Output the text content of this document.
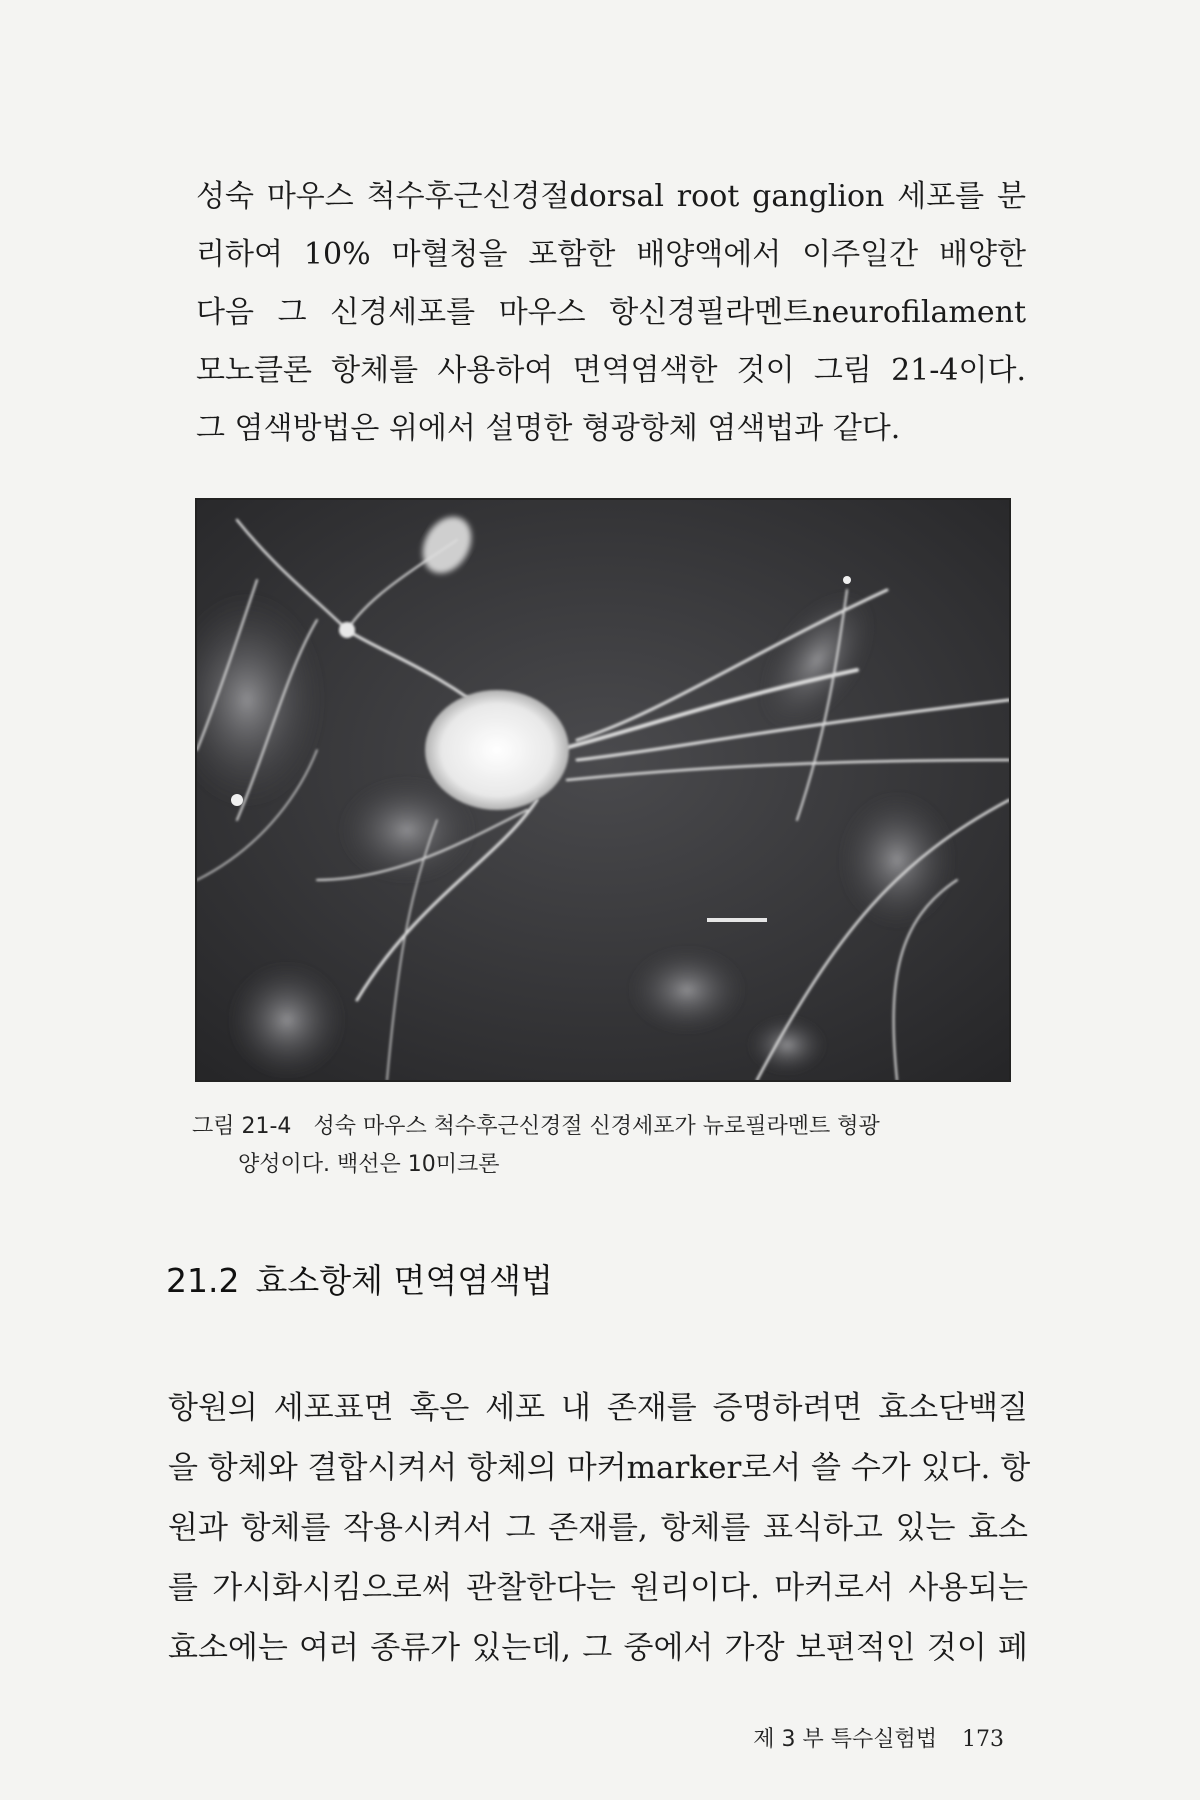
성숙 마우스 척수후근신경절dorsal root ganglion 세포를 분
리하여 10% 마혈청을 포함한 배양액에서 이주일간 배양한
다음 그 신경세포를 마우스 항신경필라멘트neurofilament
모노클론 항체를 사용하여 면역염색한 것이 그림 21-4이다.
그 염색방법은 위에서 설명한 형광항체 염색법과 같다.
그림 21-4 성숙 마우스 척수후근신경절 신경세포가 뉴로필라멘트 형광
양성이다. 백선은 10미크론
21.2 효소항체 면역염색법
항원의 세포표면 혹은 세포 내 존재를 증명하려면 효소단백질
을 항체와 결합시켜서 항체의 마커marker로서 쓸 수가 있다. 항
원과 항체를 작용시켜서 그 존재를, 항체를 표식하고 있는 효소
를 가시화시킴으로써 관찰한다는 원리이다. 마커로서 사용되는
효소에는 여러 종류가 있는데, 그 중에서 가장 보편적인 것이 페
제 3 부 특수실험법 173
